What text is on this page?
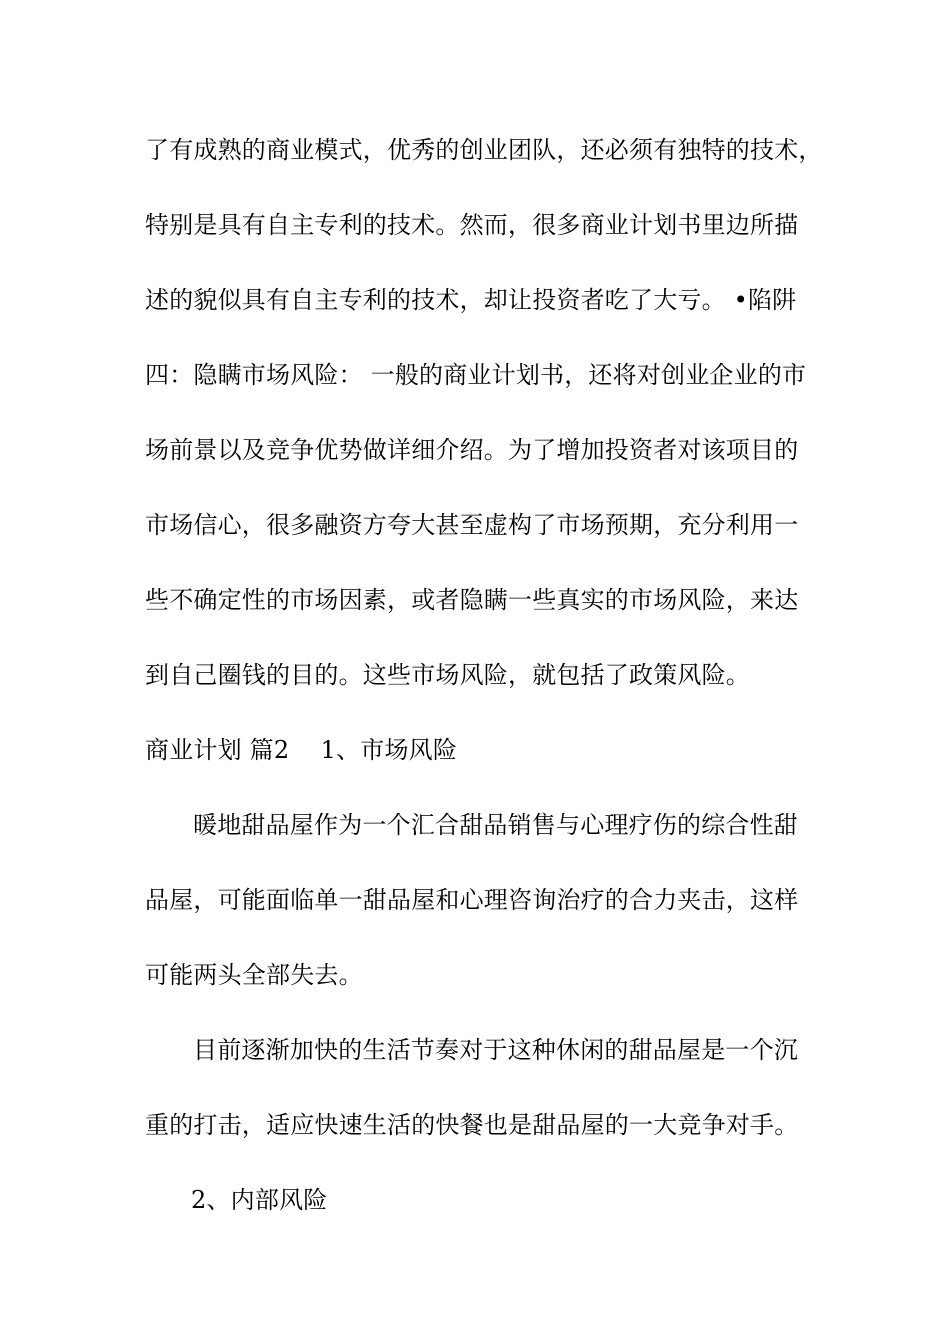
了有成熟的商业模式，优秀的创业团队，还必须有独特的技术，
特别是具有自主专利的技术。然而，很多商业计划书里边所描
述的貌似具有自主专利的技术，却让投资者吃了大亏。 •陷阱
四：隐瞒市场风险： 一般的商业计划书，还将对创业企业的市
场前景以及竞争优势做详细介绍。为了增加投资者对该项目的
市场信心，很多融资方夸大甚至虚构了市场预期，充分利用一
些不确定性的市场因素，或者隐瞒一些真实的市场风险，来达
到自己圈钱的目的。这些市场风险，就包括了政策风险。
商业计划 篇2    1、市场风险
暖地甜品屋作为一个汇合甜品销售与心理疗伤的综合性甜
品屋，可能面临单一甜品屋和心理咨询治疗的合力夹击，这样
可能两头全部失去。
目前逐渐加快的生活节奏对于这种休闲的甜品屋是一个沉
重的打击，适应快速生活的快餐也是甜品屋的一大竞争对手。
2、内部风险
